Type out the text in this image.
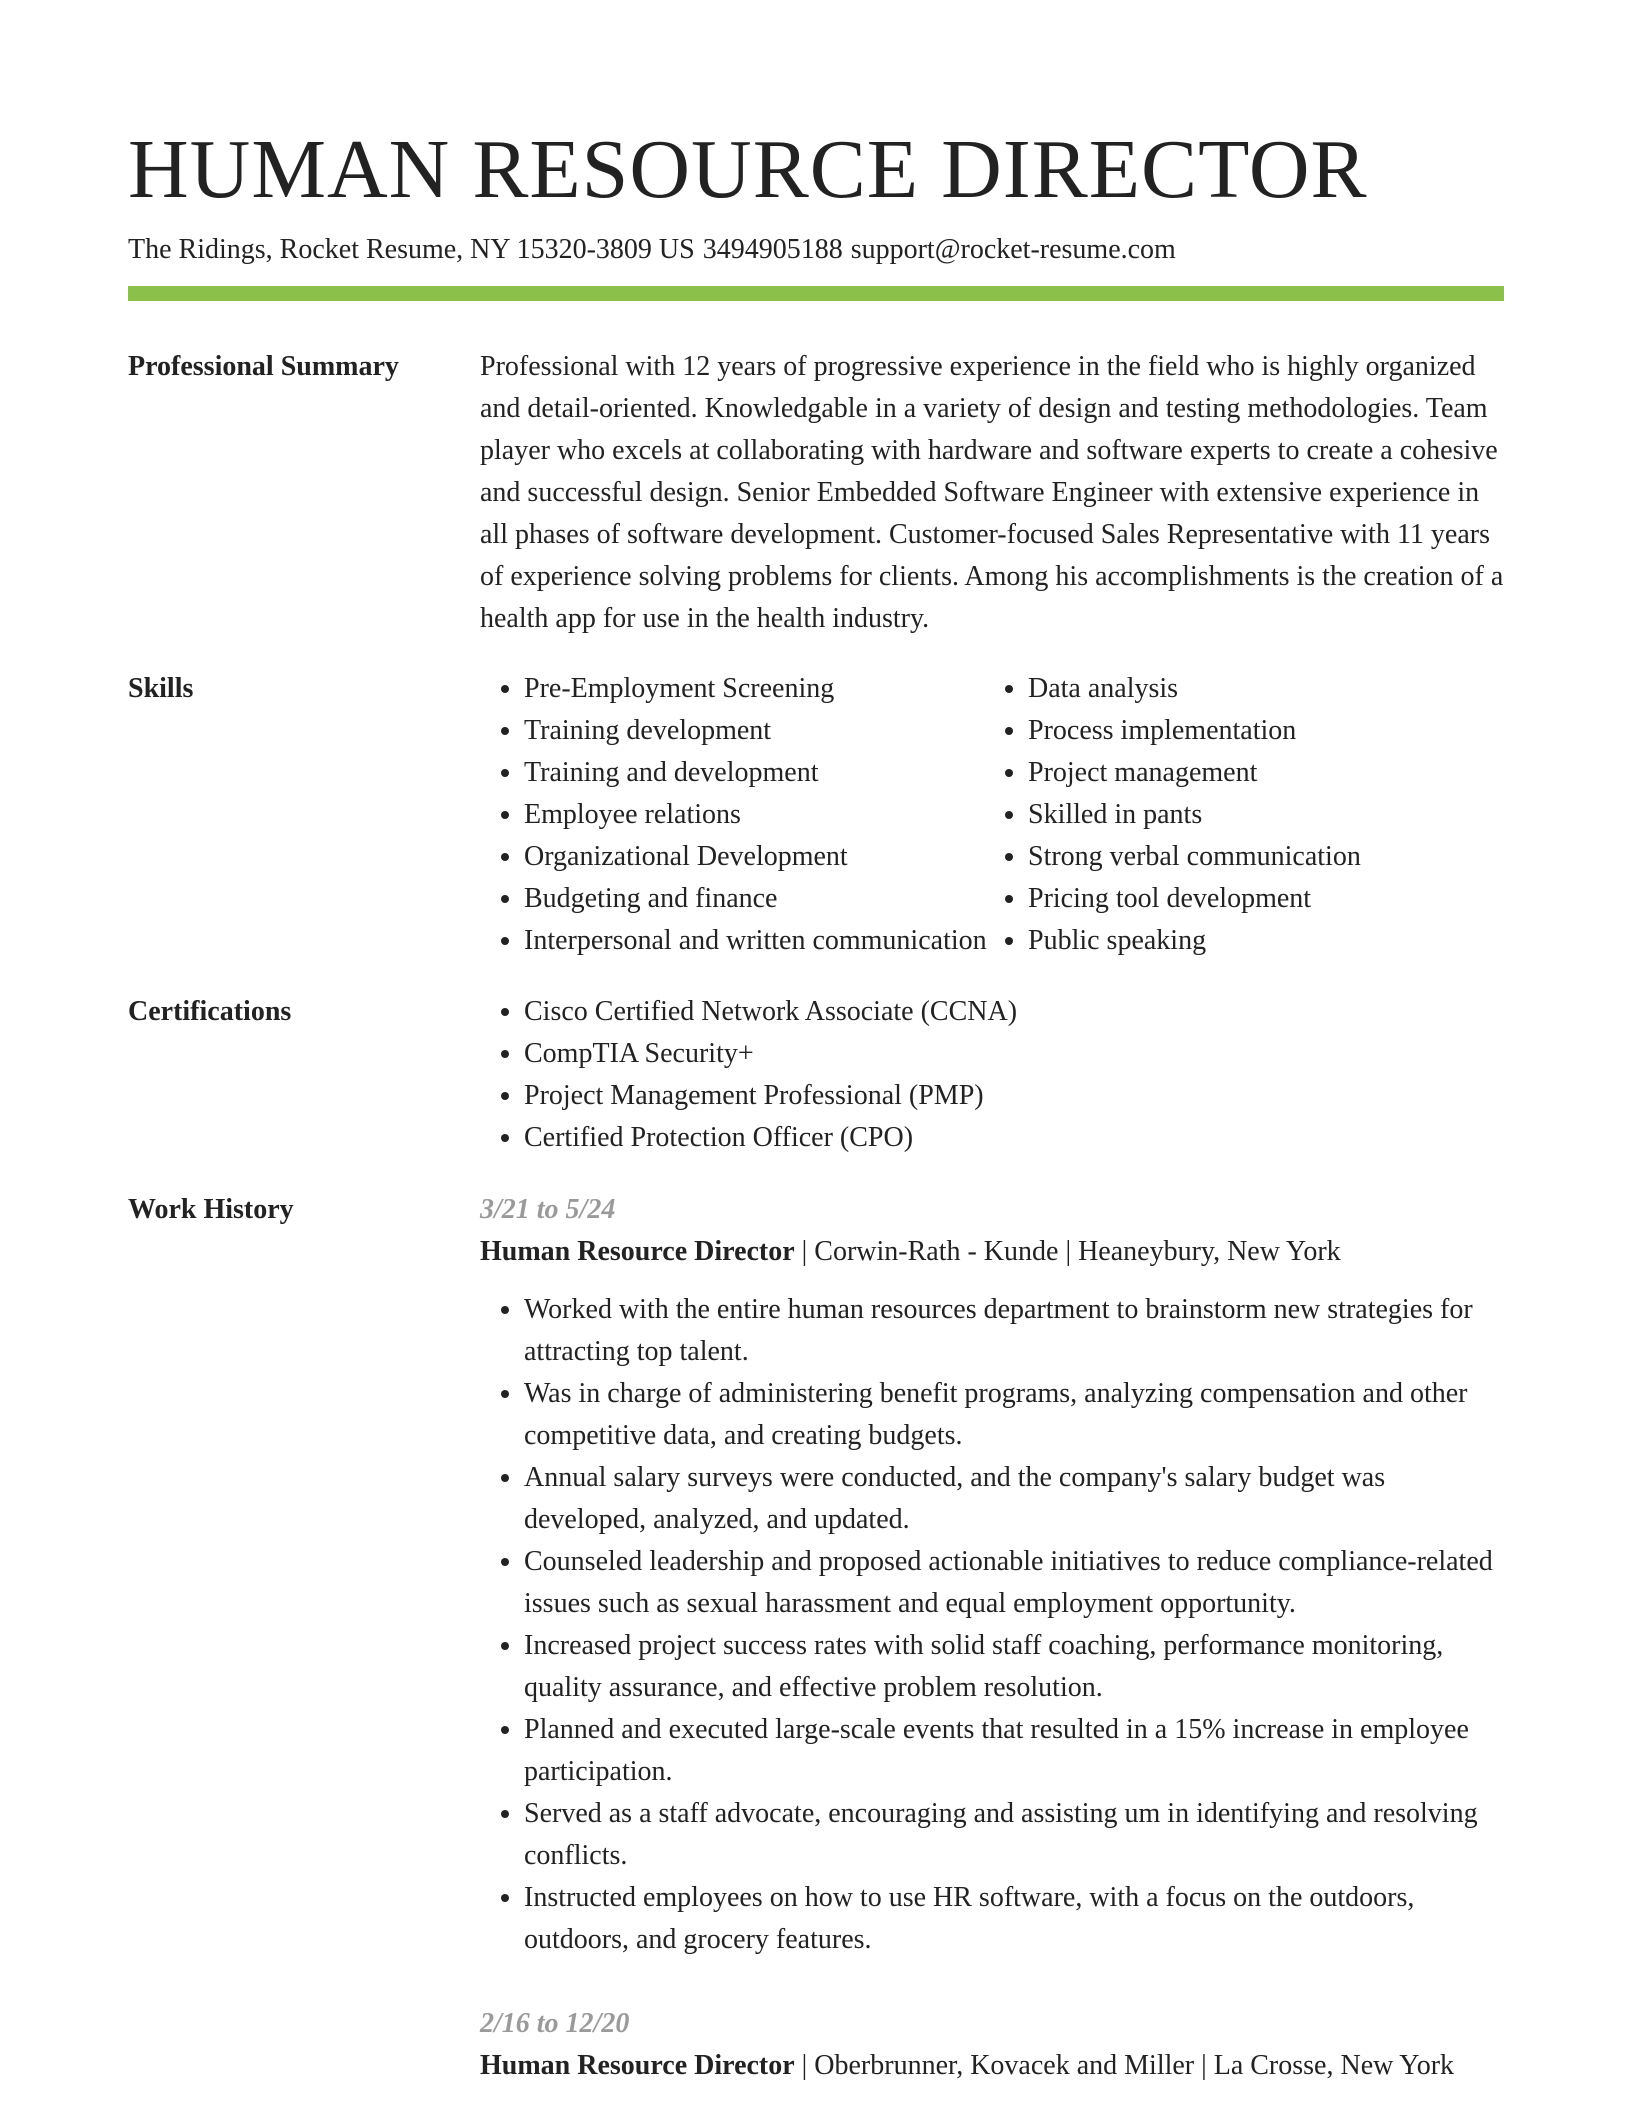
HUMAN RESOURCE DIRECTOR
The Ridings, Rocket Resume, NY 15320-3809 US 3494905188 support@rocket-resume.com
Professional Summary	Professional with 12 years of progressive experience in the field who is highly organized and detail-oriented. Knowledgable in a variety of design and testing methodologies. Team player who excels at collaborating with hardware and software experts to create a cohesive and successful design. Senior Embedded Software Engineer with extensive experience in all phases of software development. Customer-focused Sales Representative with 11 years of experience solving problems for clients. Among his accomplishments is the creation of a health app for use in the health industry.

Skills	• Pre-Employment Screening
• Training development
• Training and development
• Employee relations
• Organizational Development
• Budgeting and finance
• Interpersonal and written communication
• Data analysis
• Process implementation
• Project management
• Skilled in pants
• Strong verbal communication
• Pricing tool development
• Public speaking
Certifications	• Cisco Certified Network Associate (CCNA)
• CompTIA Security+
• Project Management Professional (PMP)
• Certified Protection Officer (CPO)
Work History	3/21 to 5/24
Human Resource Director | Corwin-Rath - Kunde | Heaneybury, New York
• Worked with the entire human resources department to brainstorm new strategies for attracting top talent.
• Was in charge of administering benefit programs, analyzing compensation and other competitive data, and creating budgets.
• Annual salary surveys were conducted, and the company's salary budget was developed, analyzed, and updated.
• Counseled leadership and proposed actionable initiatives to reduce compliance-related issues such as sexual harassment and equal employment opportunity.
• Increased project success rates with solid staff coaching, performance monitoring, quality assurance, and effective problem resolution.
• Planned and executed large-scale events that resulted in a 15% increase in employee participation.
• Served as a staff advocate, encouraging and assisting um in identifying and resolving conflicts.
• Instructed employees on how to use HR software, with a focus on the outdoors, outdoors, and grocery features.
2/16 to 12/20
Human Resource Director | Oberbrunner, Kovacek and Miller | La Crosse, New York
